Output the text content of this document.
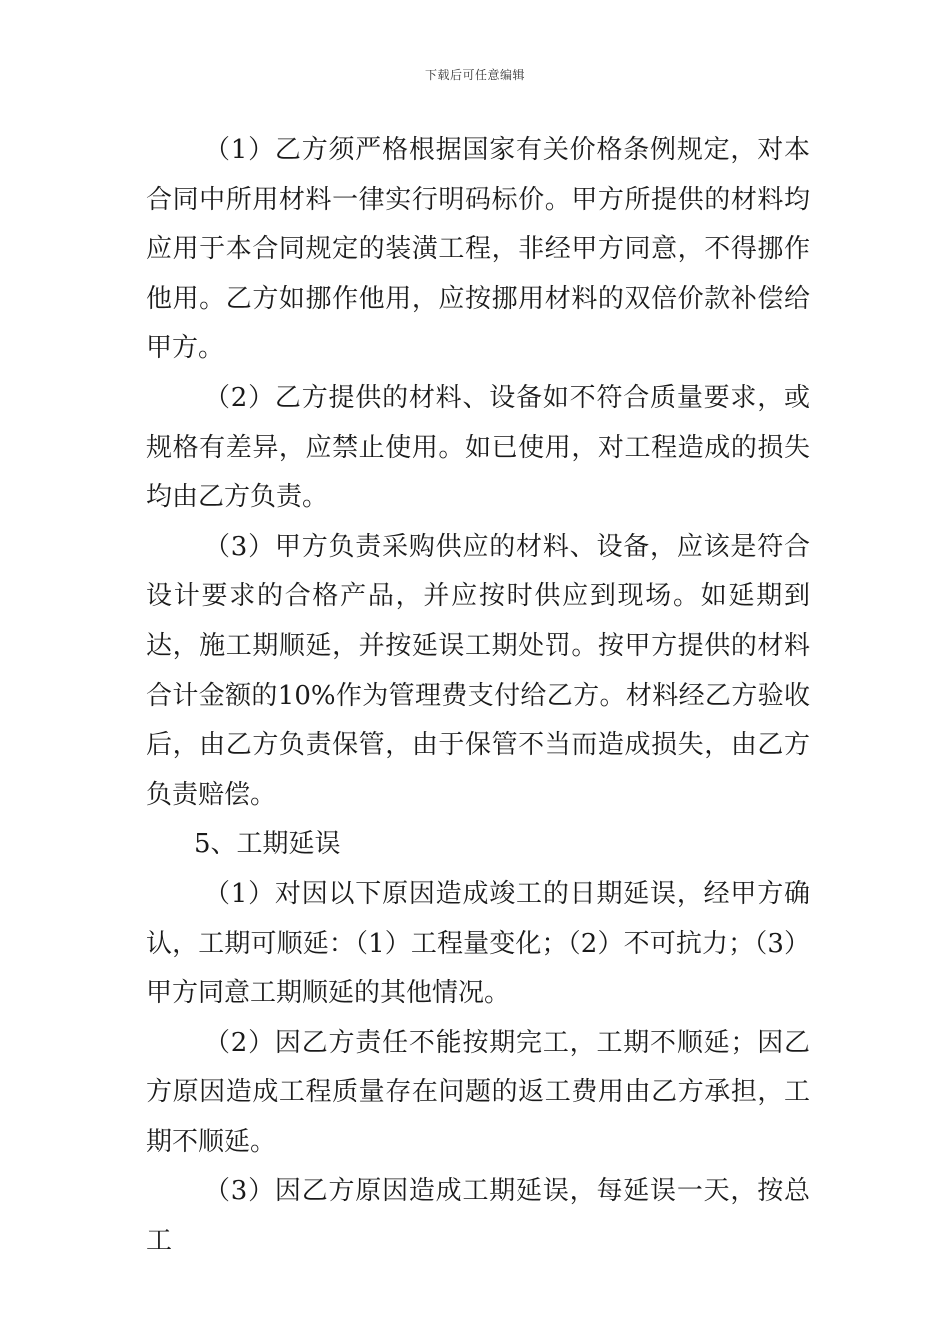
下载后可任意编辑

（1）乙方须严格根据国家有关价格条例规定，对本合同中所用材料一律实行明码标价。甲方所提供的材料均应用于本合同规定的装潢工程，非经甲方同意，不得挪作他用。乙方如挪作他用，应按挪用材料的双倍价款补偿给甲方。

（2）乙方提供的材料、设备如不符合质量要求，或规格有差异，应禁止使用。如已使用，对工程造成的损失均由乙方负责。

（3）甲方负责采购供应的材料、设备，应该是符合设计要求的合格产品，并应按时供应到现场。如延期到达，施工期顺延，并按延误工期处罚。按甲方提供的材料合计金额的10%作为管理费支付给乙方。材料经乙方验收后，由乙方负责保管，由于保管不当而造成损失，由乙方负责赔偿。

5、工期延误

（1）对因以下原因造成竣工的日期延误，经甲方确认，工期可顺延：（1）工程量变化；（2）不可抗力；（3）甲方同意工期顺延的其他情况。

（2）因乙方责任不能按期完工，工期不顺延；因乙方原因造成工程质量存在问题的返工费用由乙方承担，工期不顺延。

（3）因乙方原因造成工期延误，每延误一天，按总工
